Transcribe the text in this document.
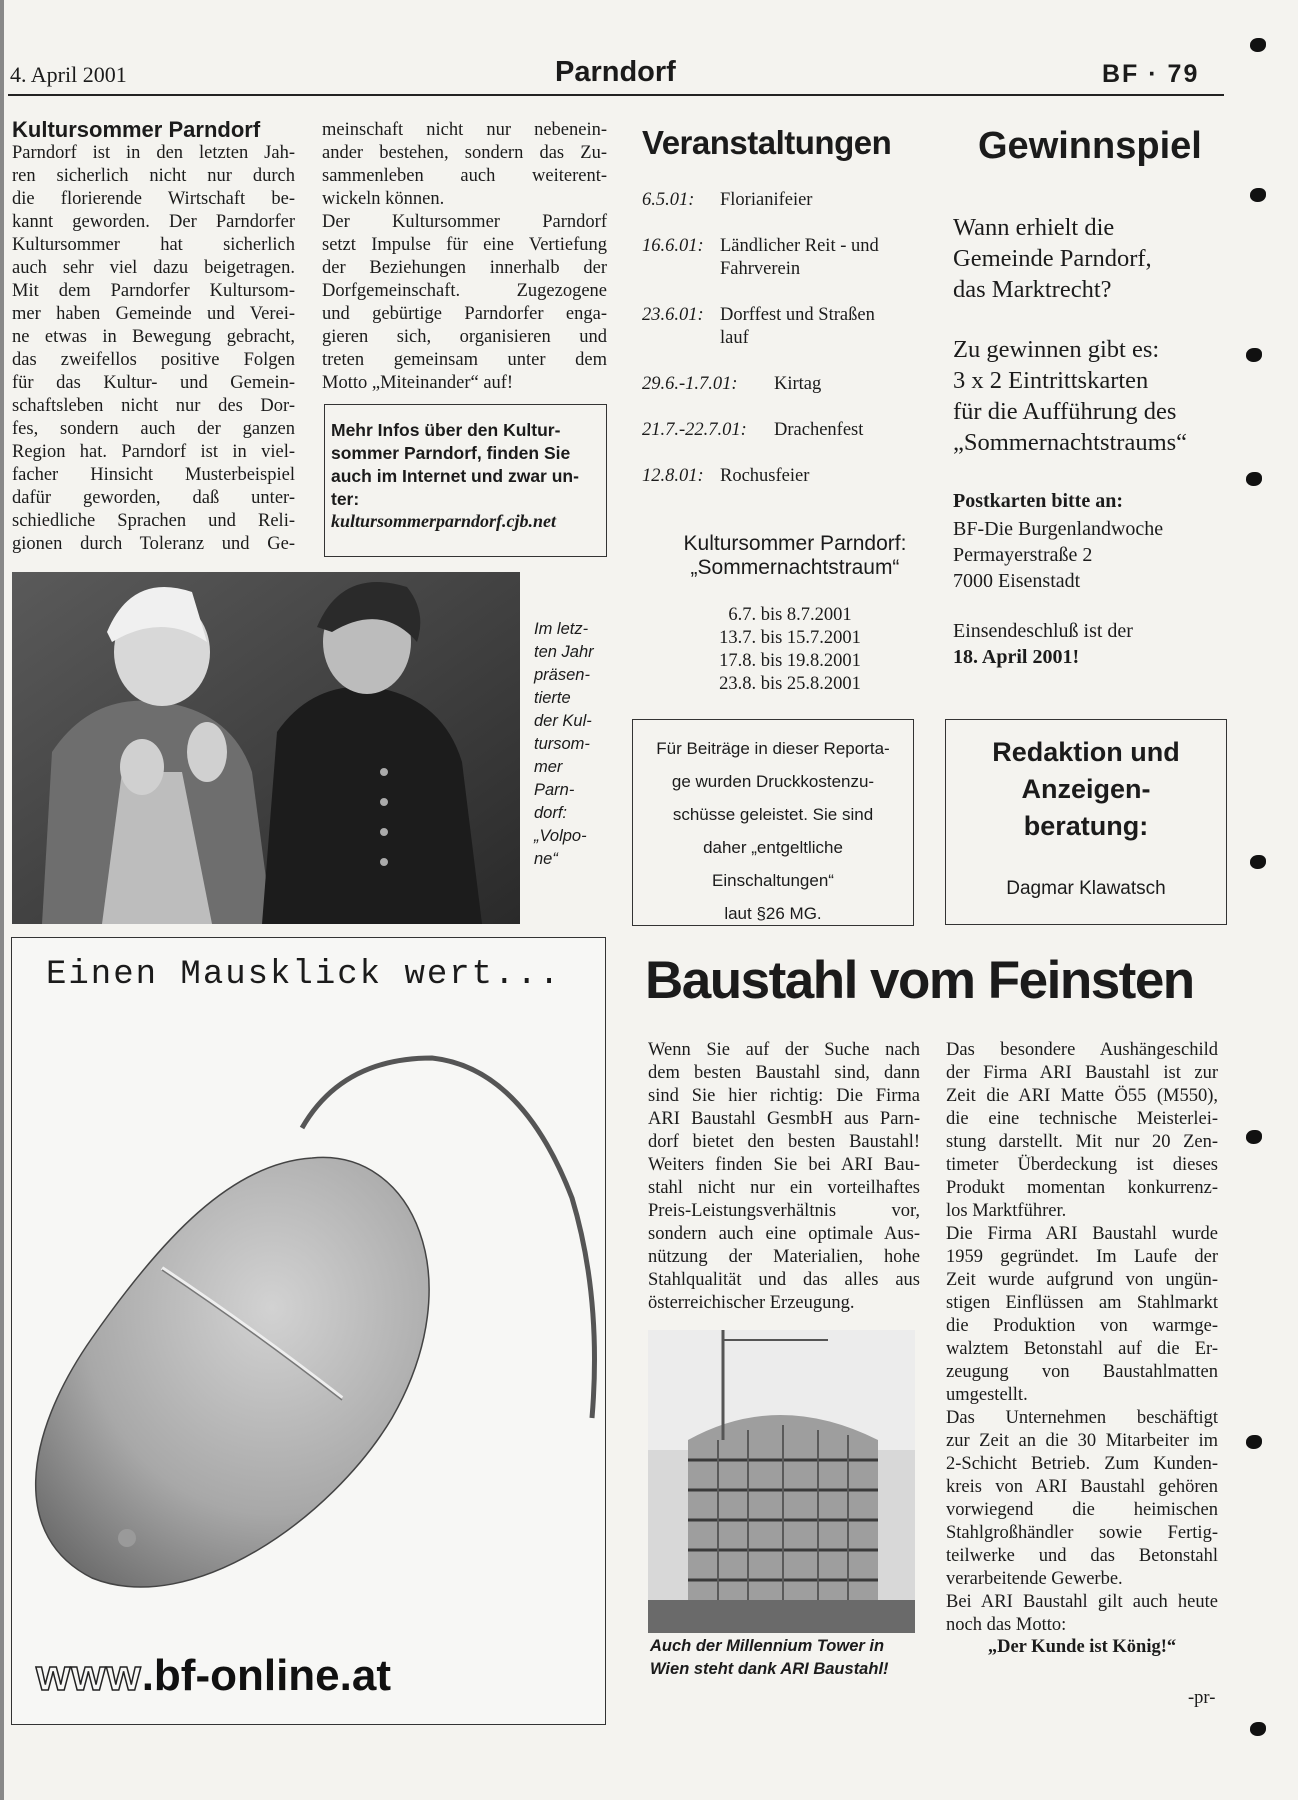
4. April 2001	Parndorf	BF · 79
Kultursommer Parndorf
Parndorf ist in den letzten Jah-
ren sicherlich nicht nur durch
die florierende Wirtschaft be-
kannt geworden. Der Parndorfer
Kultursommer hat sicherlich
auch sehr viel dazu beigetragen.
Mit dem Parndorfer Kultursom-
mer haben Gemeinde und Verei-
ne etwas in Bewegung gebracht,
das zweifellos positive Folgen
für das Kultur- und Gemein-
schaftsleben nicht nur des Dor-
fes, sondern auch der ganzen
Region hat. Parndorf ist in viel-
facher Hinsicht Musterbeispiel
dafür geworden, daß unter-
schiedliche Sprachen und Reli-
gionen durch Toleranz und Ge-
meinschaft nicht nur nebenein-
ander bestehen, sondern das Zu-
sammenleben auch weiterent-
wickeln können.
Der Kultursommer Parndorf
setzt Impulse für eine Vertiefung
der Beziehungen innerhalb der
Dorfgemeinschaft. Zugezogene
und gebürtige Parndorfer enga-
gieren sich, organisieren und
treten gemeinsam unter dem
Motto „Miteinander“ auf!
Mehr Infos über den Kultur-
sommer Parndorf, finden Sie
auch im Internet und zwar un-
ter:
kultursommerparndorf.cjb.net
Im letz-
ten Jahr
präsen-
tierte
der Kul-
tursom-
mer
Parn-
dorf:
„Volpo-
ne“
Veranstaltungen
6.5.01: Florianifeier
16.6.01: Ländlicher Reit - und
Fahrverein
23.6.01: Dorffest und Straßen
lauf
29.6.-1.7.01: Kirtag
21.7.-22.7.01: Drachenfest
12.8.01: Rochusfeier
Kultursommer Parndorf:
„Sommernachtstraum“
6.7. bis 8.7.2001
13.7. bis 15.7.2001
17.8. bis 19.8.2001
23.8. bis 25.8.2001
Für Beiträge in dieser Reporta-
ge wurden Druckkostenzu-
schüsse geleistet. Sie sind
daher „entgeltliche
Einschaltungen“
laut §26 MG.
Gewinnspiel
Wann erhielt die
Gemeinde Parndorf,
das Marktrecht?
Zu gewinnen gibt es:
3 x 2 Eintrittskarten
für die Aufführung des
„Sommernachtstraums“
Postkarten bitte an:
BF-Die Burgenlandwoche
Permayerstraße 2
7000 Eisenstadt
Einsendeschluß ist der
18. April 2001!
Redaktion und
Anzeigen-
beratung:
Dagmar Klawatsch
Einen Mausklick wert...
www.bf-online.at
Baustahl vom Feinsten
Wenn Sie auf der Suche nach
dem besten Baustahl sind, dann
sind Sie hier richtig: Die Firma
ARI Baustahl GesmbH aus Parn-
dorf bietet den besten Baustahl!
Weiters finden Sie bei ARI Bau-
stahl nicht nur ein vorteilhaftes
Preis-Leistungsverhältnis vor,
sondern auch eine optimale Aus-
nützung der Materialien, hohe
Stahlqualität und das alles aus
österreichischer Erzeugung.
Auch der Millennium Tower in
Wien steht dank ARI Baustahl!
Das besondere Aushängeschild
der Firma ARI Baustahl ist zur
Zeit die ARI Matte Ö55 (M550),
die eine technische Meisterlei-
stung darstellt. Mit nur 20 Zen-
timeter Überdeckung ist dieses
Produkt momentan konkurrenz-
los Marktführer.
Die Firma ARI Baustahl wurde
1959 gegründet. Im Laufe der
Zeit wurde aufgrund von ungün-
stigen Einflüssen am Stahlmarkt
die Produktion von warmge-
walztem Betonstahl auf die Er-
zeugung von Baustahlmatten
umgestellt.
Das Unternehmen beschäftigt
zur Zeit an die 30 Mitarbeiter im
2-Schicht Betrieb. Zum Kunden-
kreis von ARI Baustahl gehören
vorwiegend die heimischen
Stahlgroßhändler sowie Fertig-
teilwerke und das Betonstahl
verarbeitende Gewerbe.
Bei ARI Baustahl gilt auch heute
noch das Motto:
„Der Kunde ist König!“
-pr-
